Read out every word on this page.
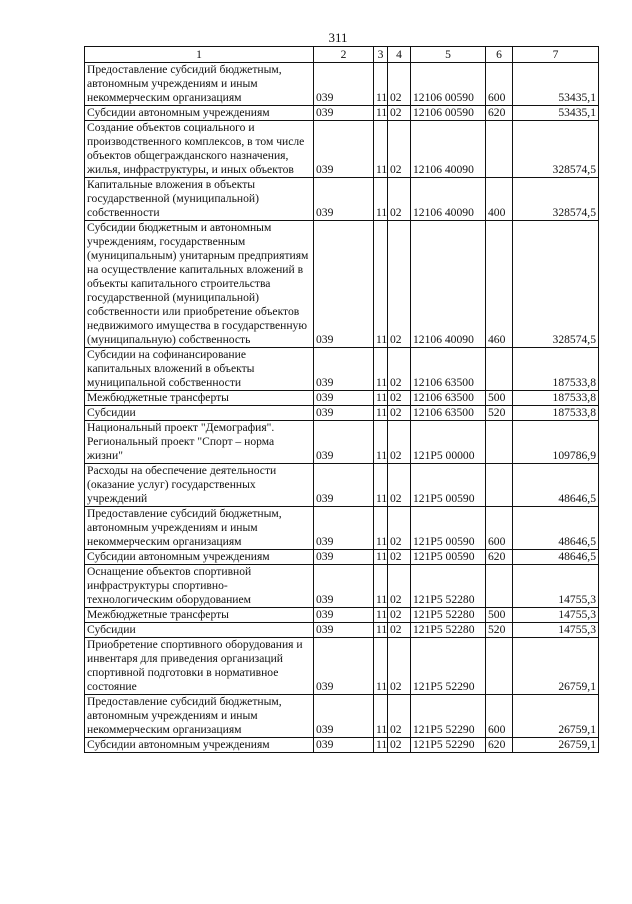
311
1	2	3	4	5	6	7
Предоставление субсидий бюджетным, автономным учреждениям и иным некоммерческим организациям	039	11	02	12106 00590	600	53435,1
Субсидии автономным учреждениям	039	11	02	12106 00590	620	53435,1
Создание объектов социального и производственного комплексов, в том числе объектов общегражданского назначения, жилья, инфраструктуры, и иных объектов	039	11	02	12106 40090		328574,5
Капитальные вложения в объекты государственной (муниципальной) собственности	039	11	02	12106 40090	400	328574,5
Субсидии бюджетным и автономным учреждениям, государственным (муниципальным) унитарным предприятиям на осуществление капитальных вложений в объекты капитального строительства государственной (муниципальной) собственности или приобретение объектов недвижимого имущества в государственную (муниципальную) собственность	039	11	02	12106 40090	460	328574,5
Субсидии на софинансирование капитальных вложений в объекты муниципальной собственности	039	11	02	12106 63500		187533,8
Межбюджетные трансферты	039	11	02	12106 63500	500	187533,8
Субсидии	039	11	02	12106 63500	520	187533,8
Национальный проект "Демография". Региональный проект "Спорт – норма жизни"	039	11	02	121P5 00000		109786,9
Расходы на обеспечение деятельности (оказание услуг) государственных учреждений	039	11	02	121P5 00590		48646,5
Предоставление субсидий бюджетным, автономным учреждениям и иным некоммерческим организациям	039	11	02	121P5 00590	600	48646,5
Субсидии автономным учреждениям	039	11	02	121P5 00590	620	48646,5
Оснащение объектов спортивной инфраструктуры спортивно-технологическим оборудованием	039	11	02	121P5 52280		14755,3
Межбюджетные трансферты	039	11	02	121P5 52280	500	14755,3
Субсидии	039	11	02	121P5 52280	520	14755,3
Приобретение спортивного оборудования и инвентаря для приведения организаций спортивной подготовки в нормативное состояние	039	11	02	121P5 52290		26759,1
Предоставление субсидий бюджетным, автономным учреждениям и иным некоммерческим организациям	039	11	02	121P5 52290	600	26759,1
Субсидии автономным учреждениям	039	11	02	121P5 52290	620	26759,1
